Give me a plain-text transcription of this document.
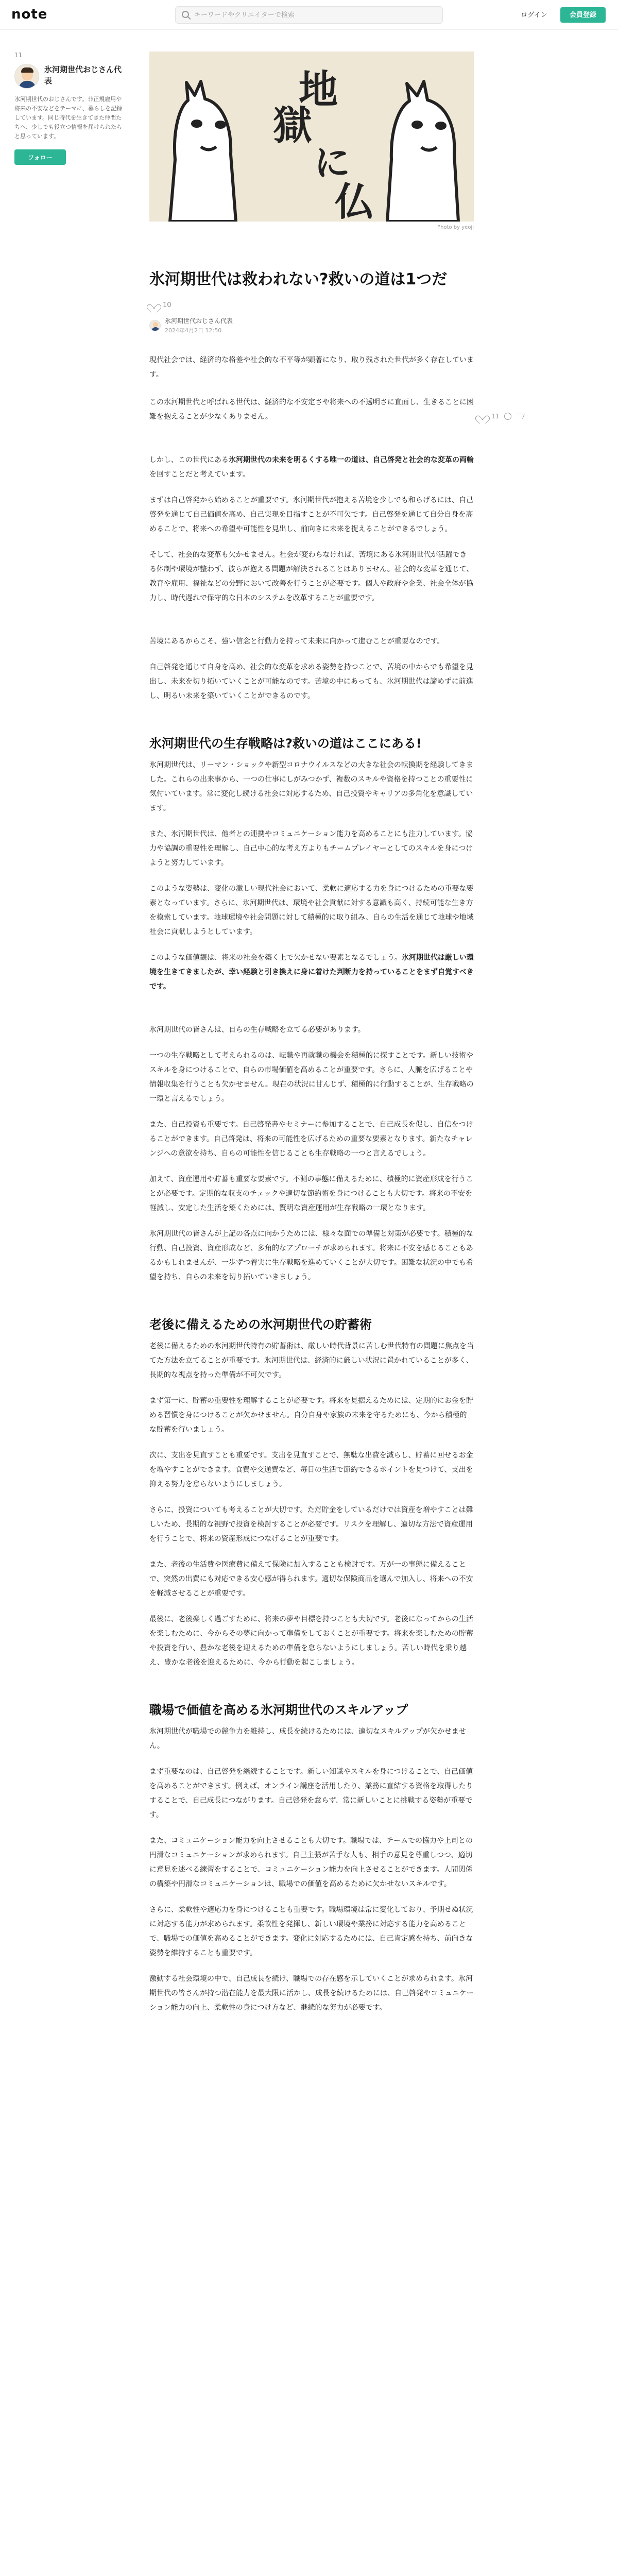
note
キーワードやクリエイターで検索	ログイン	会員登録
11
氷河期世代おじさん代表

氷河期世代のおじさんです。非正規雇用や将来の不安などをテーマに、暮らしを記録しています。同じ時代を生きてきた仲間たちへ、少しでも役立つ情報を届けられたらと思っています。

フォロー
地
獄
に
仏
Photo by yeoji
11
氷河期世代は救われない?救いの道は1つだ
10
氷河期世代おじさん代表
2024年4月2日 12:50

現代社会では、経済的な格差や社会的な不平等が顕著になり、取り残された世代が多く存在しています。

この氷河期世代と呼ばれる世代は、経済的な不安定さや将来への不透明さに直面し、生きることに困難を抱えることが少なくありません。

しかし、この世代にある氷河期世代の未来を明るくする唯一の道は、自己啓発と社会的な変革の両輪を回すことだと考えています。

まずは自己啓発から始めることが重要です。氷河期世代が抱える苦境を少しでも和らげるには、自己啓発を通じて自己価値を高め、自己実現を目指すことが不可欠です。自己啓発を通じて自分自身を高めることで、将来への希望や可能性を見出し、前向きに未来を捉えることができるでしょう。

そして、社会的な変革も欠かせません。社会が変わらなければ、苦境にある氷河期世代が活躍できる体制や環境が整わず、彼らが抱える問題が解決されることはありません。社会的な変革を通じて、教育や雇用、福祉などの分野において改善を行うことが必要です。個人や政府や企業、社会全体が協力し、時代遅れで保守的な日本のシステムを改革することが重要です。

苦境にあるからこそ、強い信念と行動力を持って未来に向かって進むことが重要なのです。

自己啓発を通じて自身を高め、社会的な変革を求める姿勢を持つことで、苦境の中からでも希望を見出し、未来を切り拓いていくことが可能なのです。苦境の中にあっても、氷河期世代は諦めずに前進し、明るい未来を築いていくことができるのです。

氷河期世代の生存戦略は?救いの道はここにある!

氷河期世代は、リーマン・ショックや新型コロナウイルスなどの大きな社会の転換期を経験してきました。これらの出来事から、一つの仕事にしがみつかず、複数のスキルや資格を持つことの重要性に気付いています。常に変化し続ける社会に対応するため、自己投資やキャリアの多角化を意識しています。

また、氷河期世代は、他者との連携やコミュニケーション能力を高めることにも注力しています。協力や協調の重要性を理解し、自己中心的な考え方よりもチームプレイヤーとしてのスキルを身につけようと努力しています。

このような姿勢は、変化の激しい現代社会において、柔軟に適応する力を身につけるための重要な要素となっています。さらに、氷河期世代は、環境や社会貢献に対する意識も高く、持続可能な生き方を模索しています。地球環境や社会問題に対して積極的に取り組み、自らの生活を通じて地球や地域社会に貢献しようとしています。

このような価値観は、将来の社会を築く上で欠かせない要素となるでしょう。氷河期世代は厳しい環境を生きてきましたが、幸い経験と引き換えに身に着けた判断力を持っていることをまず自覚すべきです。

氷河期世代の皆さんは、自らの生存戦略を立てる必要があります。

一つの生存戦略として考えられるのは、転職や再就職の機会を積極的に探すことです。新しい技術やスキルを身につけることで、自らの市場価値を高めることが重要です。さらに、人脈を広げることや情報収集を行うことも欠かせません。現在の状況に甘んじず、積極的に行動することが、生存戦略の一環と言えるでしょう。

また、自己投資も重要です。自己啓発書やセミナーに参加することで、自己成長を促し、自信をつけることができます。自己啓発は、将来の可能性を広げるための重要な要素となります。新たなチャレンジへの意欲を持ち、自らの可能性を信じることも生存戦略の一つと言えるでしょう。

加えて、資産運用や貯蓄も重要な要素です。不測の事態に備えるために、積極的に資産形成を行うことが必要です。定期的な収支のチェックや適切な節約術を身につけることも大切です。将来の不安を軽減し、安定した生活を築くためには、賢明な資産運用が生存戦略の一環となります。

氷河期世代の皆さんが上記の各点に向かうためには、様々な面での準備と対策が必要です。積極的な行動、自己投資、資産形成など、多角的なアプローチが求められます。将来に不安を感じることもあるかもしれませんが、一歩ずつ着実に生存戦略を進めていくことが大切です。困難な状況の中でも希望を持ち、自らの未来を切り拓いていきましょう。

老後に備えるための氷河期世代の貯蓄術

老後に備えるための氷河期世代特有の貯蓄術は、厳しい時代背景に苦しむ世代特有の問題に焦点を当てた方法を立てることが重要です。氷河期世代は、経済的に厳しい状況に置かれていることが多く、長期的な視点を持った準備が不可欠です。

まず第一に、貯蓄の重要性を理解することが必要です。将来を見据えるためには、定期的にお金を貯める習慣を身につけることが欠かせません。自分自身や家族の未来を守るためにも、今から積極的な貯蓄を行いましょう。

次に、支出を見直すことも重要です。支出を見直すことで、無駄な出費を減らし、貯蓄に回せるお金を増やすことができます。食費や交通費など、毎日の生活で節約できるポイントを見つけて、支出を抑える努力を怠らないようにしましょう。

さらに、投資についても考えることが大切です。ただ貯金をしているだけでは資産を増やすことは難しいため、長期的な視野で投資を検討することが必要です。リスクを理解し、適切な方法で資産運用を行うことで、将来の資産形成につなげることが重要です。

また、老後の生活費や医療費に備えて保険に加入することも検討です。万が一の事態に備えることで、突然の出費にも対応できる安心感が得られます。適切な保険商品を選んで加入し、将来への不安を軽減させることが重要です。

最後に、老後楽しく過ごすために、将来の夢や目標を持つことも大切です。老後になってからの生活を楽しむために、今からその夢に向かって準備をしておくことが重要です。将来を楽しむための貯蓄や投資を行い、豊かな老後を迎えるための準備を怠らないようにしましょう。苦しい時代を乗り越え、豊かな老後を迎えるために、今から行動を起こしましょう。

職場で価値を高める氷河期世代のスキルアップ

氷河期世代が職場での競争力を維持し、成長を続けるためには、適切なスキルアップが欠かせません。

まず重要なのは、自己啓発を継続することです。新しい知識やスキルを身につけることで、自己価値を高めることができます。例えば、オンライン講座を活用したり、業務に直結する資格を取得したりすることで、自己成長につながります。自己啓発を怠らず、常に新しいことに挑戦する姿勢が重要です。

また、コミュニケーション能力を向上させることも大切です。職場では、チームでの協力や上司との円滑なコミュニケーションが求められます。自己主張が苦手な人も、相手の意見を尊重しつつ、適切に意見を述べる練習をすることで、コミュニケーション能力を向上させることができます。人間関係の構築や円滑なコミュニケーションは、職場での価値を高めるために欠かせないスキルです。

さらに、柔軟性や適応力を身につけることも重要です。職場環境は常に変化しており、予期せぬ状況に対応する能力が求められます。柔軟性を発揮し、新しい環境や業務に対応する能力を高めることで、職場での価値を高めることができます。変化に対応するためには、自己肯定感を持ち、前向きな姿勢を維持することも重要です。

激動する社会環境の中で、自己成長を続け、職場での存在感を示していくことが求められます。氷河期世代の皆さんが持つ潜在能力を最大限に活かし、成長を続けるためには、自己啓発やコミュニケーション能力の向上、柔軟性の身につけ方など、継続的な努力が必要です。
